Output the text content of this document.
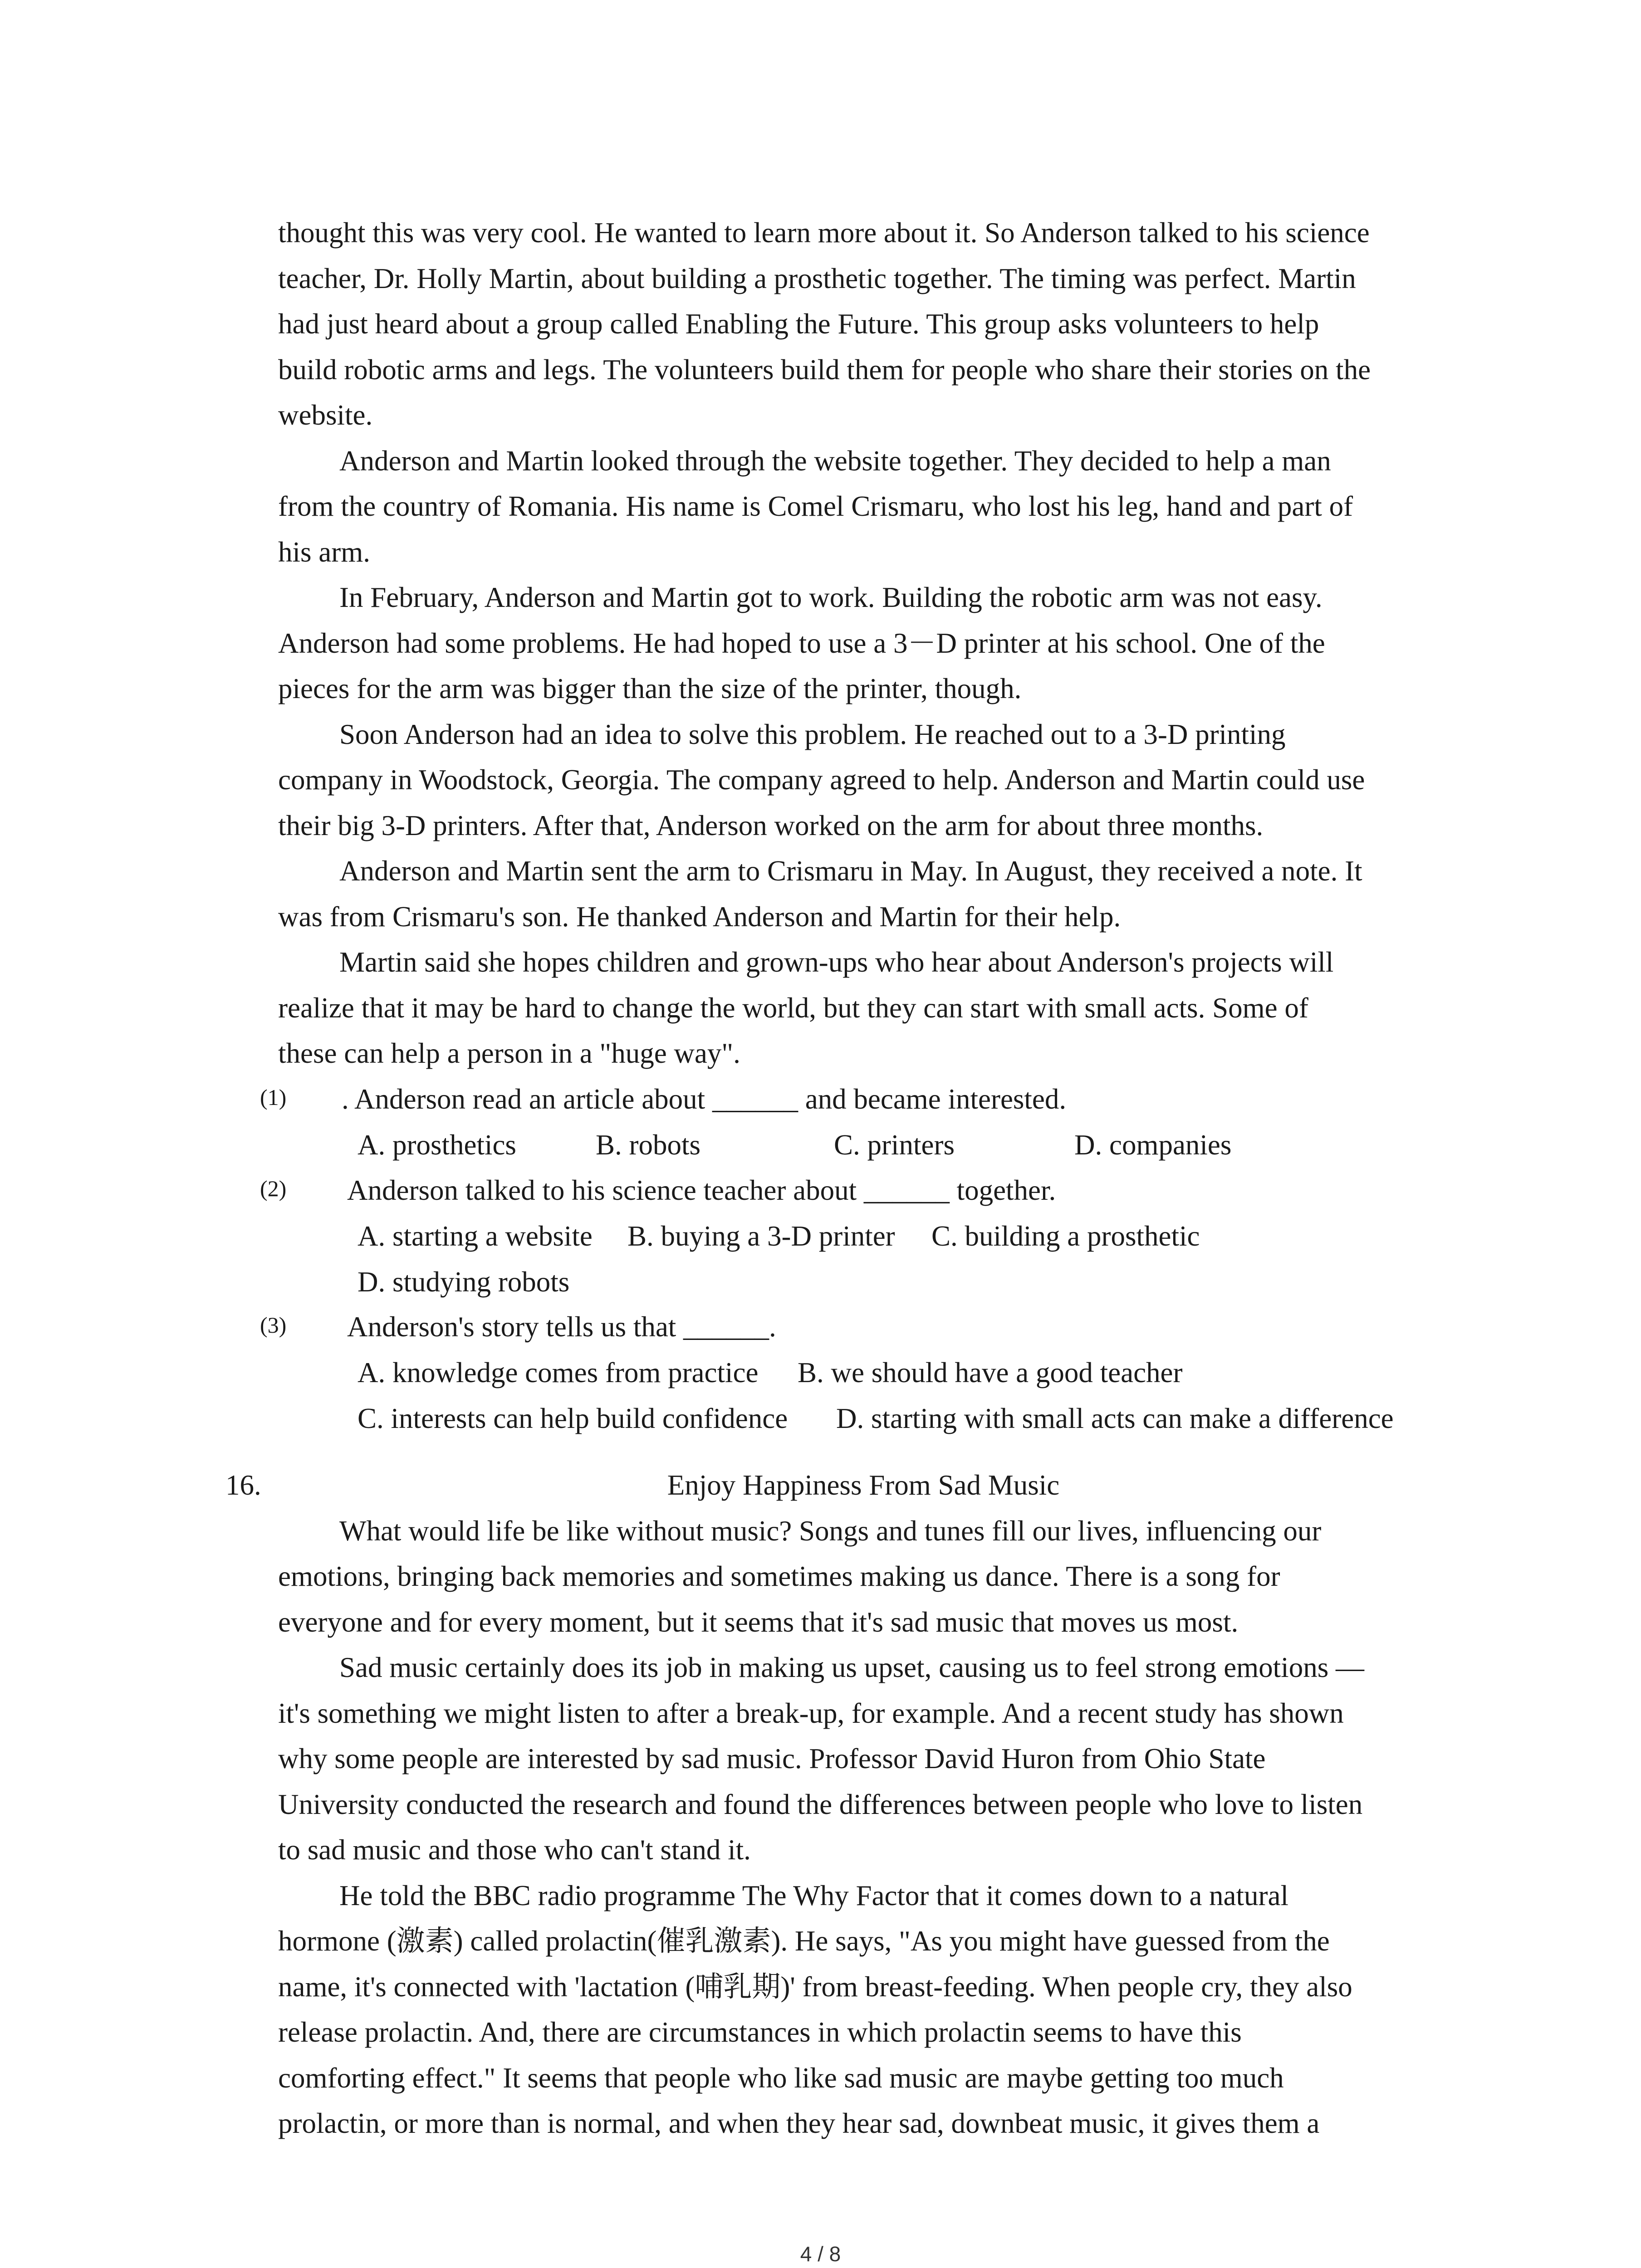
thought this was very cool. He wanted to learn more about it. So Anderson talked to his science
teacher, Dr. Holly Martin, about building a prosthetic together. The timing was perfect. Martin
had just heard about a group called Enabling the Future. This group asks volunteers to help
build robotic arms and legs. The volunteers build them for people who share their stories on the
website.
Anderson and Martin looked through the website together. They decided to help a man
from the country of Romania. His name is Comel Crismaru, who lost his leg, hand and part of
his arm.
In February, Anderson and Martin got to work. Building the robotic arm was not easy.
Anderson had some problems. He had hoped to use a 3－D printer at his school. One of the
pieces for the arm was bigger than the size of the printer, though.
Soon Anderson had an idea to solve this problem. He reached out to a 3-D printing
company in Woodstock, Georgia. The company agreed to help. Anderson and Martin could use
their big 3-D printers. After that, Anderson worked on the arm for about three months.
Anderson and Martin sent the arm to Crismaru in May. In August, they received a note. It
was from Crismaru's son. He thanked Anderson and Martin for their help.
Martin said she hopes children and grown-ups who hear about Anderson's projects will
realize that it may be hard to change the world, but they can start with small acts. Some of
these can help a person in a "huge way".
(1) . Anderson read an article about ______ and became interested.
A. prosthetics	B. robots	C. printers	D. companies
(2) Anderson talked to his science teacher about ______ together.
A. starting a website B. buying a 3-D printer C. building a prosthetic
D. studying robots
(3) Anderson's story tells us that ______.
A. knowledge comes from practice B. we should have a good teacher
C. interests can help build confidence D. starting with small acts can make a difference
16.	Enjoy Happiness From Sad Music
What would life be like without music? Songs and tunes fill our lives, influencing our
emotions, bringing back memories and sometimes making us dance. There is a song for
everyone and for every moment, but it seems that it's sad music that moves us most.
Sad music certainly does its job in making us upset, causing us to feel strong emotions —
it's something we might listen to after a break-up, for example. And a recent study has shown
why some people are interested by sad music. Professor David Huron from Ohio State
University conducted the research and found the differences between people who love to listen
to sad music and those who can't stand it.
He told the BBC radio programme The Why Factor that it comes down to a natural
hormone (激素) called prolactin(催乳激素). He says, "As you might have guessed from the
name, it's connected with 'lactation (哺乳期)' from breast-feeding. When people cry, they also
release prolactin. And, there are circumstances in which prolactin seems to have this
comforting effect." It seems that people who like sad music are maybe getting too much
prolactin, or more than is normal, and when they hear sad, downbeat music, it gives them a
4 / 8
